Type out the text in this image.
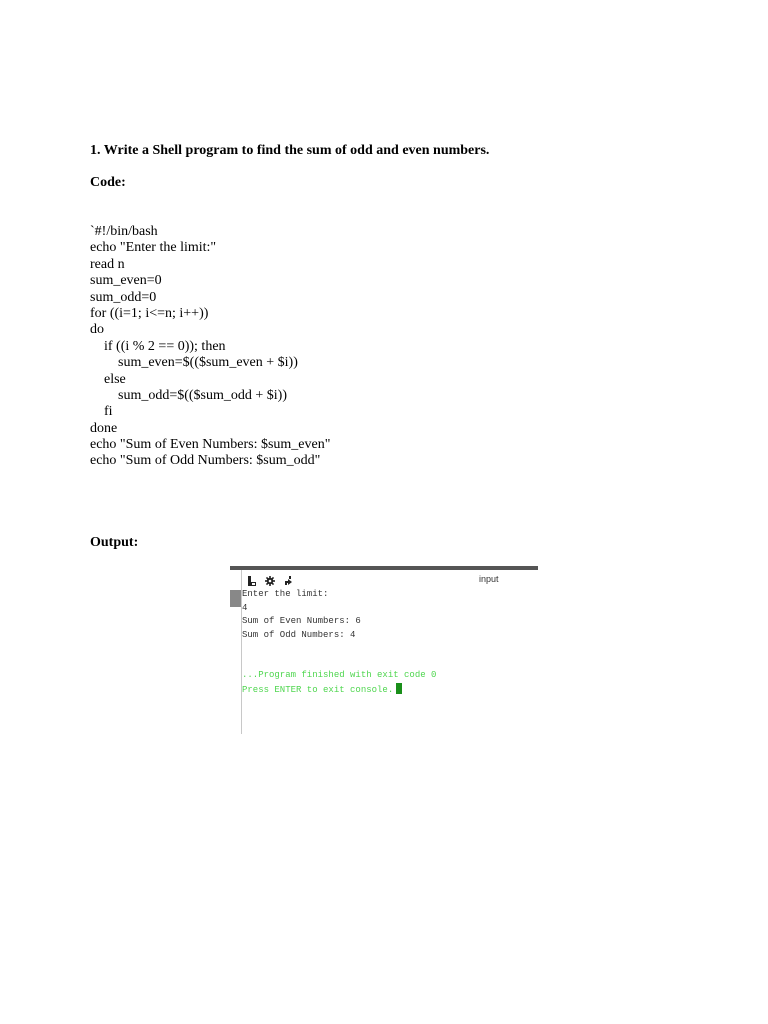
1. Write a Shell program to find the sum of odd and even numbers.
Code:
`#!/bin/bash
echo "Enter the limit:"
read n
sum_even=0
sum_odd=0
for ((i=1; i<=n; i++))
do
if ((i % 2 == 0)); then
sum_even=$(($sum_even + $i))
else
sum_odd=$(($sum_odd + $i))
fi
done
echo "Sum of Even Numbers: $sum_even"
echo "Sum of Odd Numbers: $sum_odd"
Output:
input
Enter the limit:
4
Sum of Even Numbers: 6
Sum of Odd Numbers: 4
...Program finished with exit code 0
Press ENTER to exit console.
